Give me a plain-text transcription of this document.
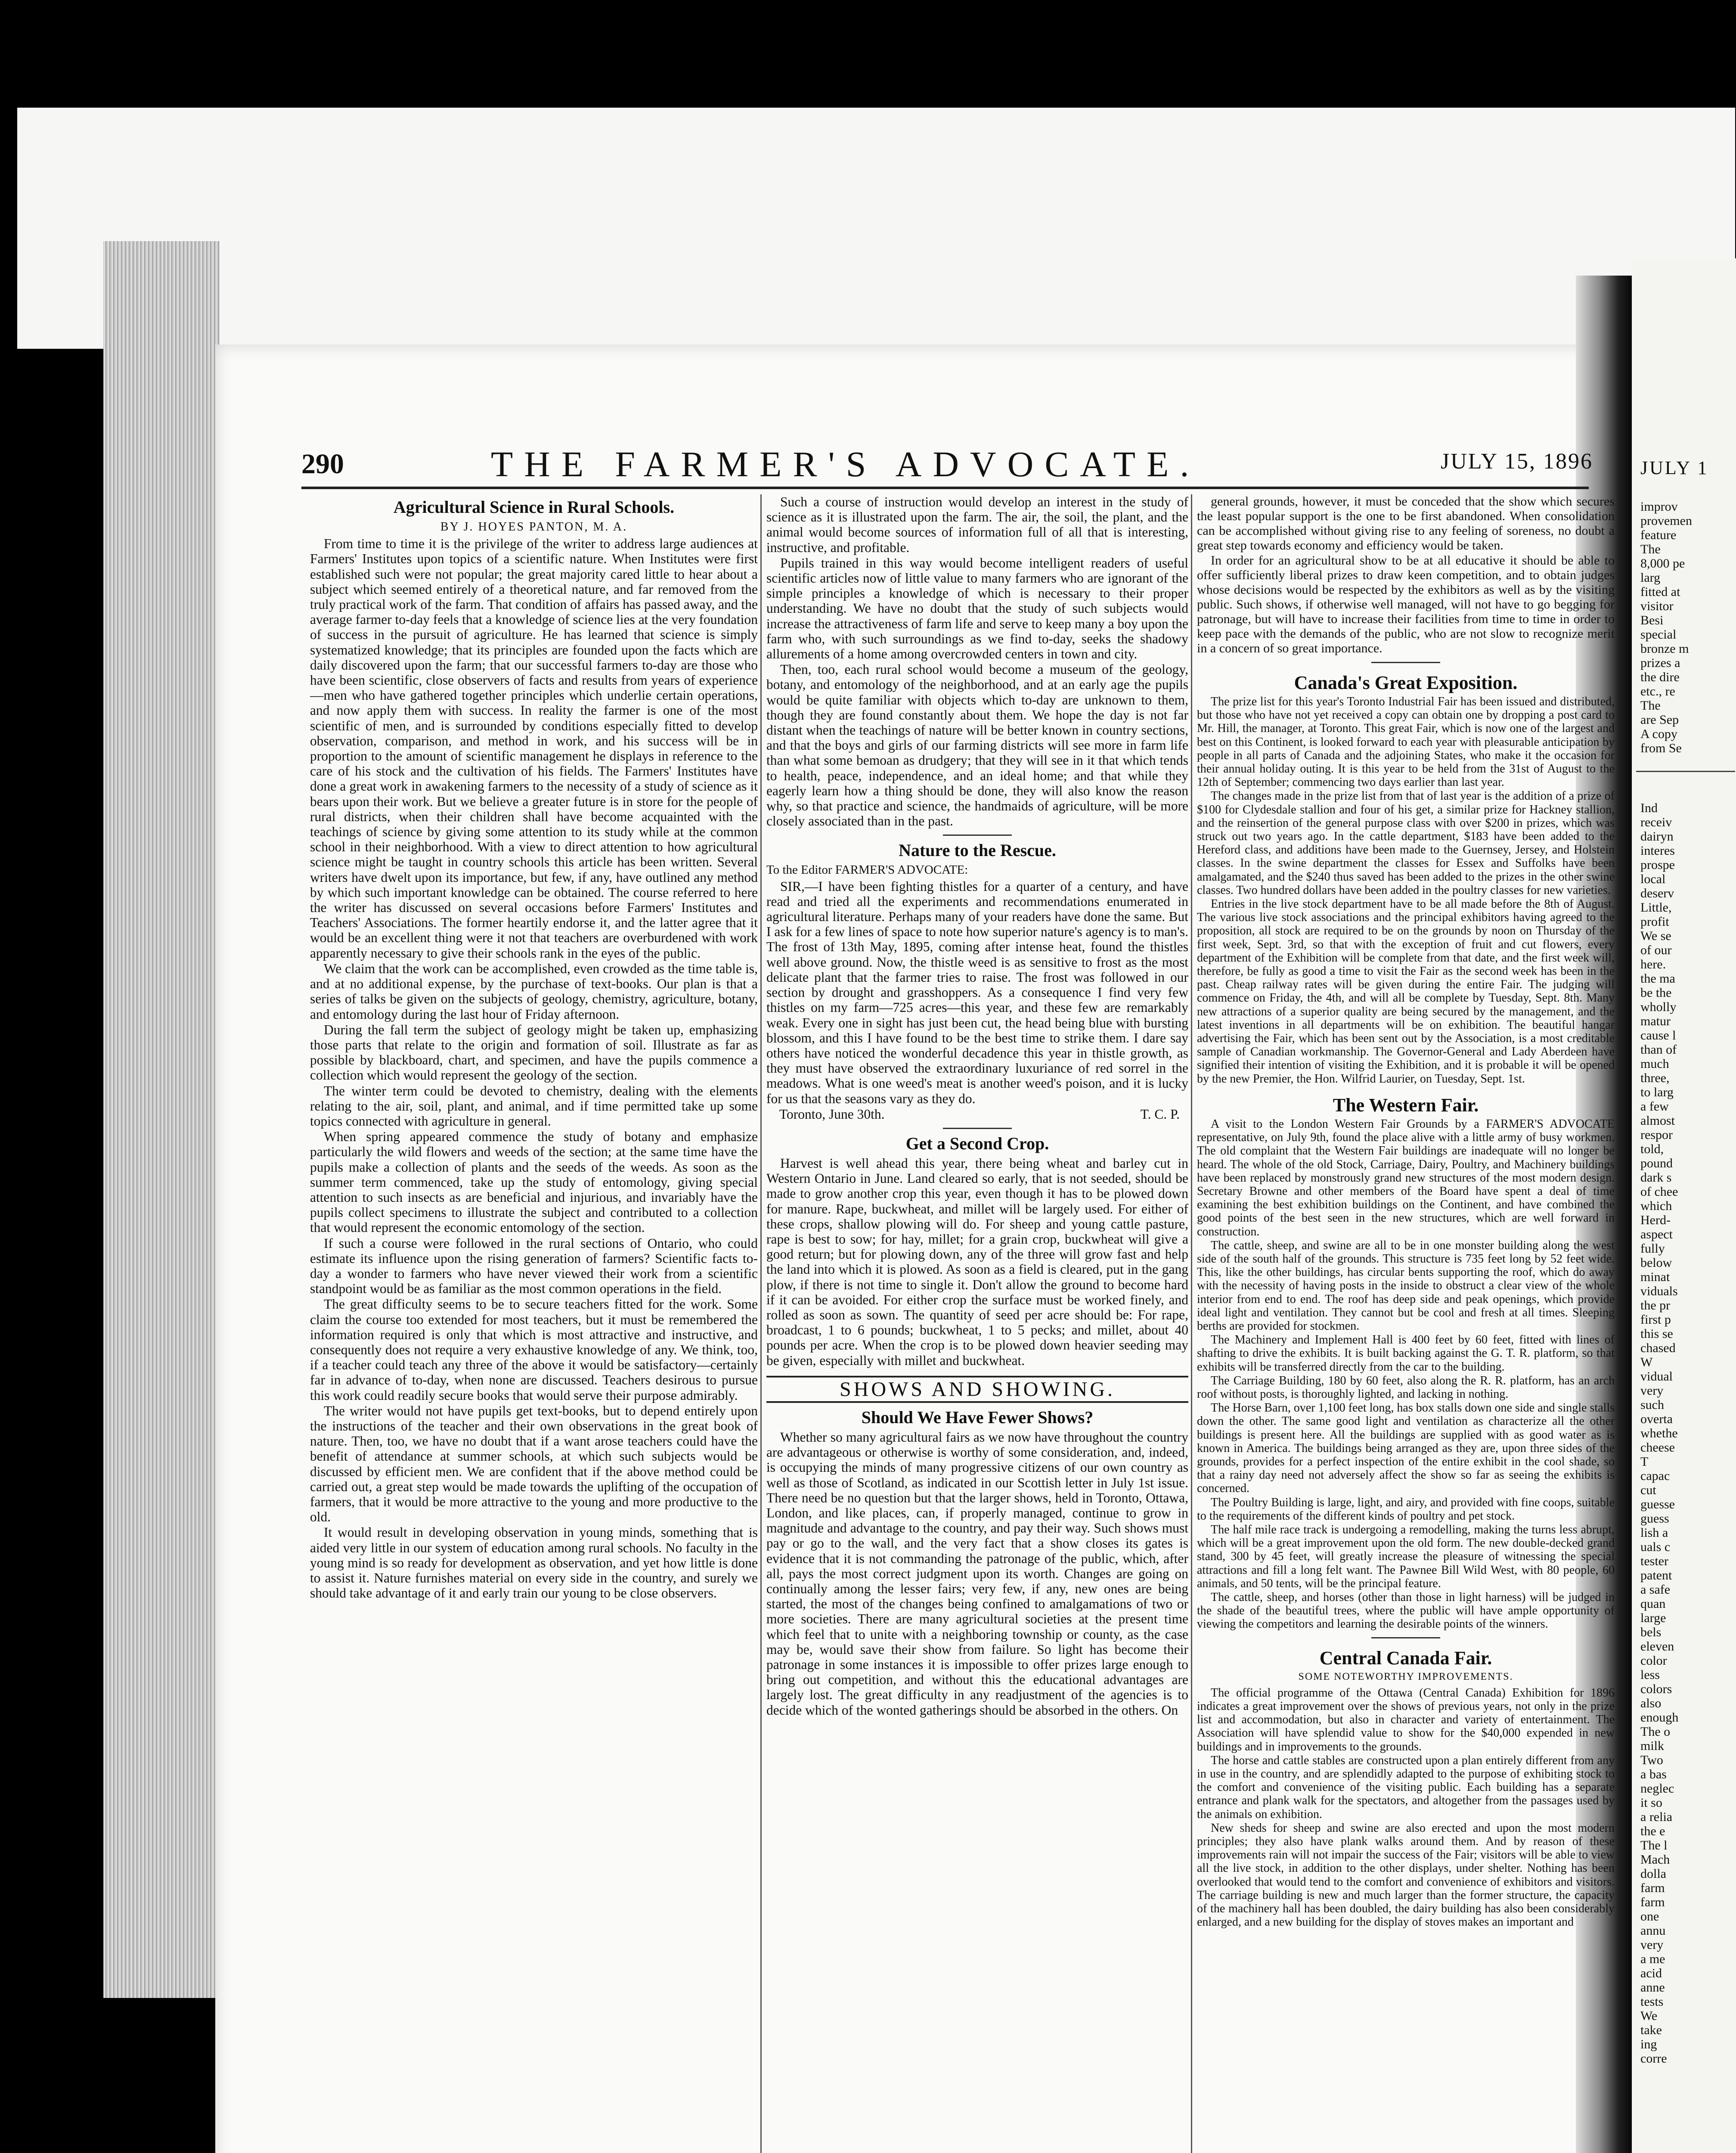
290	THE FARMER'S ADVOCATE.	JULY 15, 1896
Agricultural Science in Rural Schools.
BY J. HOYES PANTON, M. A.

From time to time it is the privilege of the writer to address large audiences at Farmers' Institutes upon topics of a scientific nature. When Institutes were first established such were not popular; the great majority cared little to hear about a subject which seemed entirely of a theoretical nature, and far removed from the truly practical work of the farm. That condition of affairs has passed away, and the average farmer to-day feels that a knowledge of science lies at the very foundation of success in the pursuit of agriculture. He has learned that science is simply systematized knowledge; that its principles are founded upon the facts which are daily discovered upon the farm; that our successful farmers to-day are those who have been scientific, close observers of facts and results from years of experience—men who have gathered together principles which underlie certain operations, and now apply them with success. In reality the farmer is one of the most scientific of men, and is surrounded by conditions especially fitted to develop observation, comparison, and method in work, and his success will be in proportion to the amount of scientific management he displays in reference to the care of his stock and the cultivation of his fields. The Farmers' Institutes have done a great work in awakening farmers to the necessity of a study of science as it bears upon their work. But we believe a greater future is in store for the people of rural districts, when their children shall have become acquainted with the teachings of science by giving some attention to its study while at the common school in their neighborhood. With a view to direct attention to how agricultural science might be taught in country schools this article has been written. Several writers have dwelt upon its importance, but few, if any, have outlined any method by which such important knowledge can be obtained. The course referred to here the writer has discussed on several occasions before Farmers' Institutes and Teachers' Associations. The former heartily endorse it, and the latter agree that it would be an excellent thing were it not that teachers are overburdened with work apparently necessary to give their schools rank in the eyes of the public.

We claim that the work can be accomplished, even crowded as the time table is, and at no additional expense, by the purchase of text-books. Our plan is that a series of talks be given on the subjects of geology, chemistry, agriculture, botany, and entomology during the last hour of Friday afternoon.

During the fall term the subject of geology might be taken up, emphasizing those parts that relate to the origin and formation of soil. Illustrate as far as possible by blackboard, chart, and specimen, and have the pupils commence a collection which would represent the geology of the section.

The winter term could be devoted to chemistry, dealing with the elements relating to the air, soil, plant, and animal, and if time permitted take up some topics connected with agriculture in general.

When spring appeared commence the study of botany and emphasize particularly the wild flowers and weeds of the section; at the same time have the pupils make a collection of plants and the seeds of the weeds. As soon as the summer term commenced, take up the study of entomology, giving special attention to such insects as are beneficial and injurious, and invariably have the pupils collect specimens to illustrate the subject and contributed to a collection that would represent the economic entomology of the section.

If such a course were followed in the rural sections of Ontario, who could estimate its influence upon the rising generation of farmers? Scientific facts to-day a wonder to farmers who have never viewed their work from a scientific standpoint would be as familiar as the most common operations in the field.

The great difficulty seems to be to secure teachers fitted for the work. Some claim the course too extended for most teachers, but it must be remembered the information required is only that which is most attractive and instructive, and consequently does not require a very exhaustive knowledge of any. We think, too, if a teacher could teach any three of the above it would be satisfactory—certainly far in advance of to-day, when none are discussed. Teachers desirous to pursue this work could readily secure books that would serve their purpose admirably.

The writer would not have pupils get text-books, but to depend entirely upon the instructions of the teacher and their own observations in the great book of nature. Then, too, we have no doubt that if a want arose teachers could have the benefit of attendance at summer schools, at which such subjects would be discussed by efficient men. We are confident that if the above method could be carried out, a great step would be made towards the uplifting of the occupation of farmers, that it would be more attractive to the young and more productive to the old.

It would result in developing observation in young minds, something that is aided very little in our system of education among rural schools. No faculty in the young mind is so ready for development as observation, and yet how little is done to assist it. Nature furnishes material on every side in the country, and surely we should take advantage of it and early train our young to be close observers.

Such a course of instruction would develop an interest in the study of science as it is illustrated upon the farm. The air, the soil, the plant, and the animal would become sources of information full of all that is interesting, instructive, and profitable.

Pupils trained in this way would become intelligent readers of useful scientific articles now of little value to many farmers who are ignorant of the simple principles a knowledge of which is necessary to their proper understanding. We have no doubt that the study of such subjects would increase the attractiveness of farm life and serve to keep many a boy upon the farm who, with such surroundings as we find to-day, seeks the shadowy allurements of a home among overcrowded centers in town and city.

Then, too, each rural school would become a museum of the geology, botany, and entomology of the neighborhood, and at an early age the pupils would be quite familiar with objects which to-day are unknown to them, though they are found constantly about them. We hope the day is not far distant when the teachings of nature will be better known in country sections, and that the boys and girls of our farming districts will see more in farm life than what some bemoan as drudgery; that they will see in it that which tends to health, peace, independence, and an ideal home; and that while they eagerly learn how a thing should be done, they will also know the reason why, so that practice and science, the handmaids of agriculture, will be more closely associated than in the past.

Nature to the Rescue.
To the Editor FARMER'S ADVOCATE:

SIR,—I have been fighting thistles for a quarter of a century, and have read and tried all the experiments and recommendations enumerated in agricultural literature. Perhaps many of your readers have done the same. But I ask for a few lines of space to note how superior nature's agency is to man's. The frost of 13th May, 1895, coming after intense heat, found the thistles well above ground. Now, the thistle weed is as sensitive to frost as the most delicate plant that the farmer tries to raise. The frost was followed in our section by drought and grasshoppers. As a consequence I find very few thistles on my farm—725 acres—this year, and these few are remarkably weak. Every one in sight has just been cut, the head being blue with bursting blossom, and this I have found to be the best time to strike them. I dare say others have noticed the wonderful decadence this year in thistle growth, as they must have observed the extraordinary luxuriance of red sorrel in the meadows. What is one weed's meat is another weed's poison, and it is lucky for us that the seasons vary as they do.

Toronto, June 30th.	T. C. P.
Get a Second Crop.

Harvest is well ahead this year, there being wheat and barley cut in Western Ontario in June. Land cleared so early, that is not seeded, should be made to grow another crop this year, even though it has to be plowed down for manure. Rape, buckwheat, and millet will be largely used. For either of these crops, shallow plowing will do. For sheep and young cattle pasture, rape is best to sow; for hay, millet; for a grain crop, buckwheat will give a good return; but for plowing down, any of the three will grow fast and help the land into which it is plowed. As soon as a field is cleared, put in the gang plow, if there is not time to single it. Don't allow the ground to become hard if it can be avoided. For either crop the surface must be worked finely, and rolled as soon as sown. The quantity of seed per acre should be: For rape, broadcast, 1 to 6 pounds; buckwheat, 1 to 5 pecks; and millet, about 40 pounds per acre. When the crop is to be plowed down heavier seeding may be given, especially with millet and buckwheat.

SHOWS AND SHOWING.
Should We Have Fewer Shows?

Whether so many agricultural fairs as we now have throughout the country are advantageous or otherwise is worthy of some consideration, and, indeed, is occupying the minds of many progressive citizens of our own country as well as those of Scotland, as indicated in our Scottish letter in July 1st issue. There need be no question but that the larger shows, held in Toronto, Ottawa, London, and like places, can, if properly managed, continue to grow in magnitude and advantage to the country, and pay their way. Such shows must pay or go to the wall, and the very fact that a show closes its gates is evidence that it is not commanding the patronage of the public, which, after all, pays the most correct judgment upon its worth. Changes are going on continually among the lesser fairs; very few, if any, new ones are being started, the most of the changes being confined to amalgamations of two or more societies. There are many agricultural societies at the present time which feel that to unite with a neighboring township or county, as the case may be, would save their show from failure. So light has become their patronage in some instances it is impossible to offer prizes large enough to bring out competition, and without this the educational advantages are largely lost. The great difficulty in any readjustment of the agencies is to decide which of the wonted gatherings should be absorbed in the others. On

general grounds, however, it must be conceded that the show which secures the least popular support is the one to be first abandoned. When consolidation can be accomplished without giving rise to any feeling of soreness, no doubt a great step towards economy and efficiency would be taken.

In order for an agricultural show to be at all educative it should be able to offer sufficiently liberal prizes to draw keen competition, and to obtain judges whose decisions would be respected by the exhibitors as well as by the visiting public. Such shows, if otherwise well managed, will not have to go begging for patronage, but will have to increase their facilities from time to time in order to keep pace with the demands of the public, who are not slow to recognize merit in a concern of so great importance.

Canada's Great Exposition.

The prize list for this year's Toronto Industrial Fair has been issued and distributed, but those who have not yet received a copy can obtain one by dropping a post card to Mr. Hill, the manager, at Toronto. This great Fair, which is now one of the largest and best on this Continent, is looked forward to each year with pleasurable anticipation by people in all parts of Canada and the adjoining States, who make it the occasion for their annual holiday outing. It is this year to be held from the 31st of August to the 12th of September; commencing two days earlier than last year.

The changes made in the prize list from that of last year is the addition of a prize of $100 for Clydesdale stallion and four of his get, a similar prize for Hackney stallion, and the reinsertion of the general purpose class with over $200 in prizes, which was struck out two years ago. In the cattle department, $183 have been added to the Hereford class, and additions have been made to the Guernsey, Jersey, and Holstein classes. In the swine department the classes for Essex and Suffolks have been amalgamated, and the $240 thus saved has been added to the prizes in the other swine classes. Two hundred dollars have been added in the poultry classes for new varieties.

Entries in the live stock department have to be all made before the 8th of August. The various live stock associations and the principal exhibitors having agreed to the proposition, all stock are required to be on the grounds by noon on Thursday of the first week, Sept. 3rd, so that with the exception of fruit and cut flowers, every department of the Exhibition will be complete from that date, and the first week will, therefore, be fully as good a time to visit the Fair as the second week has been in the past. Cheap railway rates will be given during the entire Fair. The judging will commence on Friday, the 4th, and will all be complete by Tuesday, Sept. 8th. Many new attractions of a superior quality are being secured by the management, and the latest inventions in all departments will be on exhibition. The beautiful hangar advertising the Fair, which has been sent out by the Association, is a most creditable sample of Canadian workmanship. The Governor-General and Lady Aberdeen have signified their intention of visiting the Exhibition, and it is probable it will be opened by the new Premier, the Hon. Wilfrid Laurier, on Tuesday, Sept. 1st.

The Western Fair.

A visit to the London Western Fair Grounds by a FARMER'S ADVOCATE representative, on July 9th, found the place alive with a little army of busy workmen. The old complaint that the Western Fair buildings are inadequate will no longer be heard. The whole of the old Stock, Carriage, Dairy, Poultry, and Machinery buildings have been replaced by monstrously grand new structures of the most modern design. Secretary Browne and other members of the Board have spent a deal of time examining the best exhibition buildings on the Continent, and have combined the good points of the best seen in the new structures, which are well forward in construction.

The cattle, sheep, and swine are all to be in one monster building along the west side of the south half of the grounds. This structure is 735 feet long by 52 feet wide. This, like the other buildings, has circular bents supporting the roof, which do away with the necessity of having posts in the inside to obstruct a clear view of the whole interior from end to end. The roof has deep side and peak openings, which provide ideal light and ventilation. They cannot but be cool and fresh at all times. Sleeping berths are provided for stockmen.

The Machinery and Implement Hall is 400 feet by 60 feet, fitted with lines of shafting to drive the exhibits. It is built backing against the G. T. R. platform, so that exhibits will be transferred directly from the car to the building.

The Carriage Building, 180 by 60 feet, also along the R. R. platform, has an arch roof without posts, is thoroughly lighted, and lacking in nothing.

The Horse Barn, over 1,100 feet long, has box stalls down one side and single stalls down the other. The same good light and ventilation as characterize all the other buildings is present here. All the buildings are supplied with as good water as is known in America. The buildings being arranged as they are, upon three sides of the grounds, provides for a perfect inspection of the entire exhibit in the cool shade, so that a rainy day need not adversely affect the show so far as seeing the exhibits is concerned.

The Poultry Building is large, light, and airy, and provided with fine coops, suitable to the requirements of the different kinds of poultry and pet stock.

The half mile race track is undergoing a remodelling, making the turns less abrupt, which will be a great improvement upon the old form. The new double-decked grand stand, 300 by 45 feet, will greatly increase the pleasure of witnessing the special attractions and fill a long felt want. The Pawnee Bill Wild West, with 80 people, 60 animals, and 50 tents, will be the principal feature.

The cattle, sheep, and horses (other than those in light harness) will be judged in the shade of the beautiful trees, where the public will have ample opportunity of viewing the competitors and learning the desirable points of the winners.

Central Canada Fair.
SOME NOTEWORTHY IMPROVEMENTS.

The official programme of the Ottawa (Central Canada) Exhibition for 1896 indicates a great improvement over the shows of previous years, not only in the prize list and accommodation, but also in character and variety of entertainment. The Association will have splendid value to show for the $40,000 expended in new buildings and in improvements to the grounds.

The horse and cattle stables are constructed upon a plan entirely different from any in use in the country, and are splendidly adapted to the purpose of exhibiting stock to the comfort and convenience of the visiting public. Each building has a separate entrance and plank walk for the spectators, and altogether from the passages used by the animals on exhibition.

New sheds for sheep and swine are also erected and upon the most modern principles; they also have plank walks around them. And by reason of these improvements rain will not impair the success of the Fair; visitors will be able to view all the live stock, in addition to the other displays, under shelter. Nothing has been overlooked that would tend to the comfort and convenience of exhibitors and visitors. The carriage building is new and much larger than the former structure, the capacity of the machinery hall has been doubled, the dairy building has also been considerably enlarged, and a new building for the display of stoves makes an important and

JULY 1
improv
provemen
feature
The
8,000 pe
larg
fitted at
visitor
Besi
special
bronze m
prizes a
the dire
etc., re
The
are Sep
A copy
from Se
Ind
receiv
dairyn
interes
prospe
local
deserv
Little,
profit
We se
of our
here.
the ma
be the
wholly
matur
cause l
than of
much
three,
to larg
a few
almost
respor
told,
pound
dark s
of chee
which
Herd-
aspect
fully
below
minat
viduals
the pr
first p
this se
chased
W
vidual
very
such
overta
whethe
cheese
T
capac
cut
guesse
guess
lish a
uals c
tester
patent
a safe
quan
large
bels
eleven
color
less
colors
also
enough
The o
milk
Two
a bas
neglec
it so
a relia
the e
The l
Mach
dolla
farm
farm
one
annu
very
a me
acid
anne
tests
We
take
ing
corre
